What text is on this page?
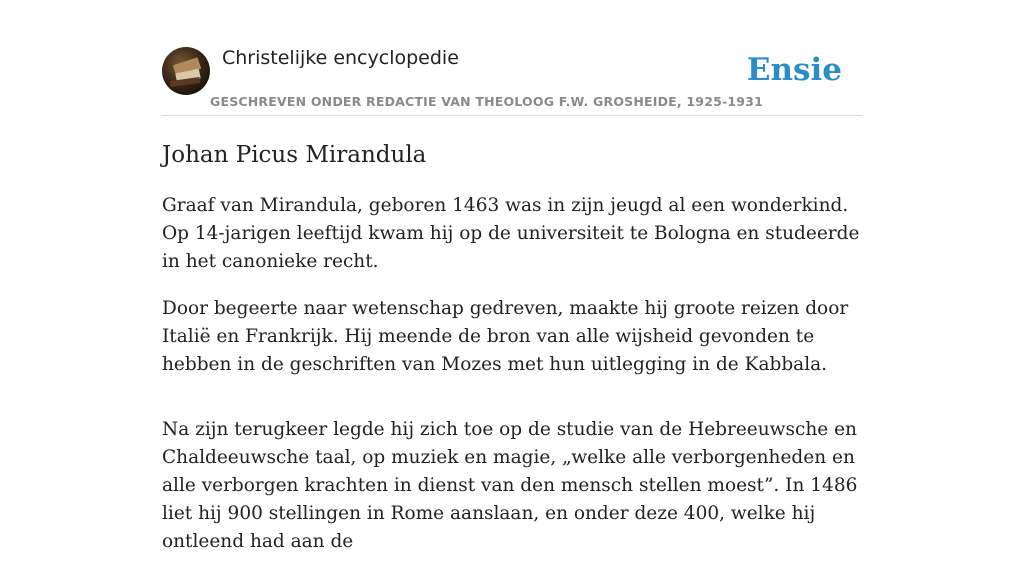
Christelijke encyclopedie
GESCHREVEN ONDER REDACTIE VAN THEOLOOG F.W. GROSHEIDE, 1925-1931
Ensie
Johan Picus Mirandula

Graaf van Mirandula, geboren 1463 was in zijn jeugd al een wonderkind. Op 14-jarigen leeftijd kwam hij op de universiteit te Bologna en studeerde in het canonieke recht.

Door begeerte naar wetenschap gedreven, maakte hij groote reizen door Italië en Frankrijk. Hij meende de bron van alle wijsheid gevonden te hebben in de geschriften van Mozes met hun uitlegging in de Kabbala.

Na zijn terugkeer legde hij zich toe op de studie van de Hebreeuwsche en Chaldeeuwsche taal, op muziek en magie, „welke alle verborgenheden en alle verborgen krachten in dienst van den mensch stellen moest”. In 1486 liet hij 900 stellingen in Rome aanslaan, en onder deze 400, welke hij ontleend had aan de
